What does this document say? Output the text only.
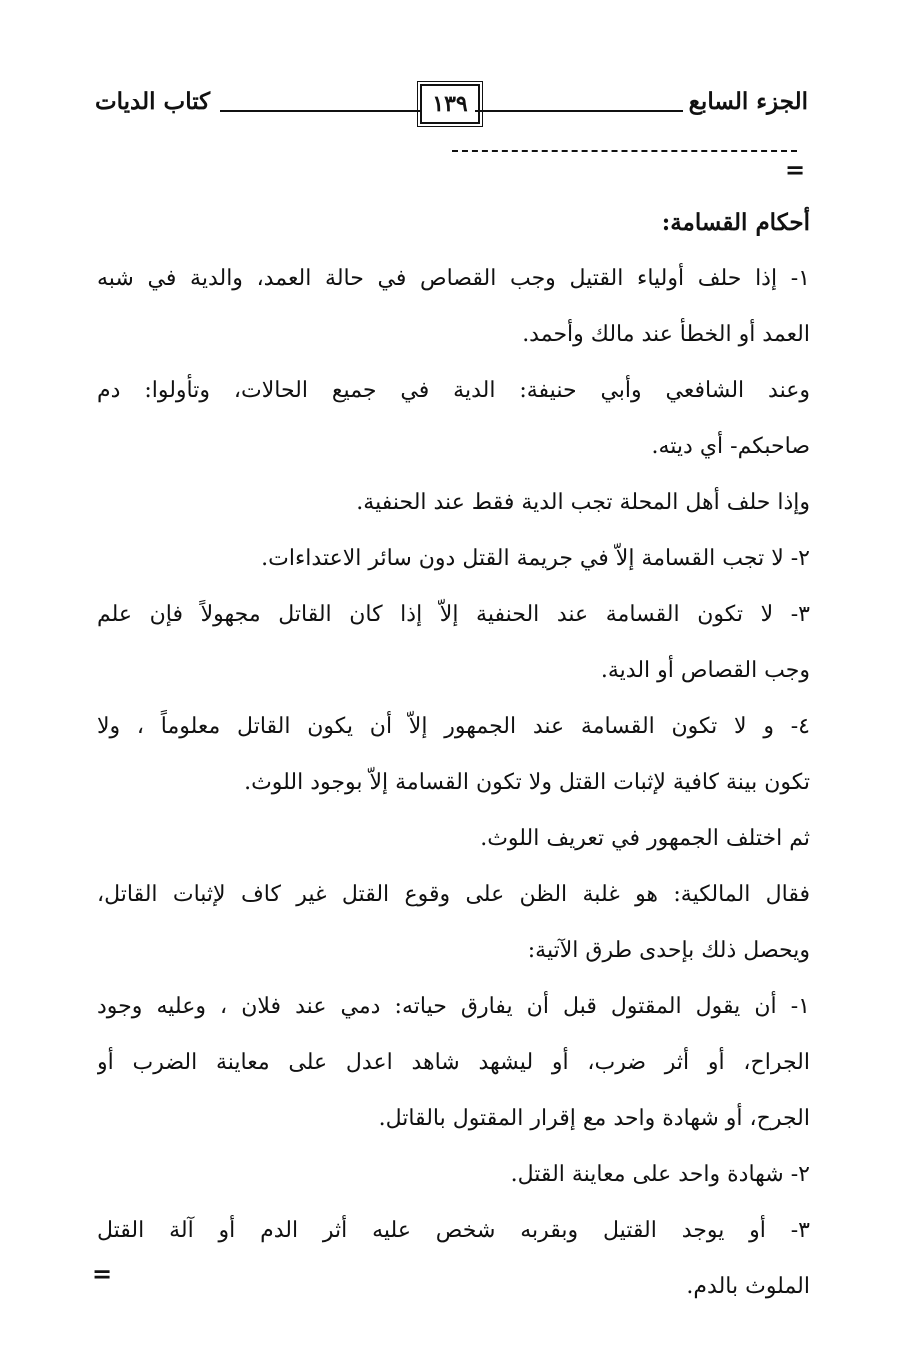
الجزء السابع
١٣٩
كتاب الديات
=
أحكام القسامة:
١- إذا حلف أولياء القتيل وجب القصاص في حالة العمد، والدية في شبه
العمد أو الخطأ عند مالك وأحمد.
وعند الشافعي وأبي حنيفة: الدية في جميع الحالات، وتأولوا: دم
صاحبكم- أي ديته.
وإذا حلف أهل المحلة تجب الدية فقط عند الحنفية.
٢- لا تجب القسامة إلاّ في جريمة القتل دون سائر الاعتداءات.
٣- لا تكون القسامة عند الحنفية إلاّ إذا كان القاتل مجهولاً فإن علم
وجب القصاص أو الدية.
٤- و لا تكون القسامة عند الجمهور إلاّ أن يكون القاتل معلوماً ، ولا
تكون بينة كافية لإثبات القتل ولا تكون القسامة إلاّ بوجود اللوث.
ثم اختلف الجمهور في تعريف اللوث.
فقال المالكية: هو غلبة الظن على وقوع القتل غير كاف لإثبات القاتل،
ويحصل ذلك بإحدى طرق الآتية:
١- أن يقول المقتول قبل أن يفارق حياته: دمي عند فلان ، وعليه وجود
الجراح، أو أثر ضرب، أو ليشهد شاهد اعدل على معاينة الضرب أو
الجرح، أو شهادة واحد مع إقرار المقتول بالقاتل.
٢- شهادة واحد على معاينة القتل.
٣- أو يوجد القتيل وبقربه شخص عليه أثر الدم أو آلة القتل
الملوث بالدم.
=
